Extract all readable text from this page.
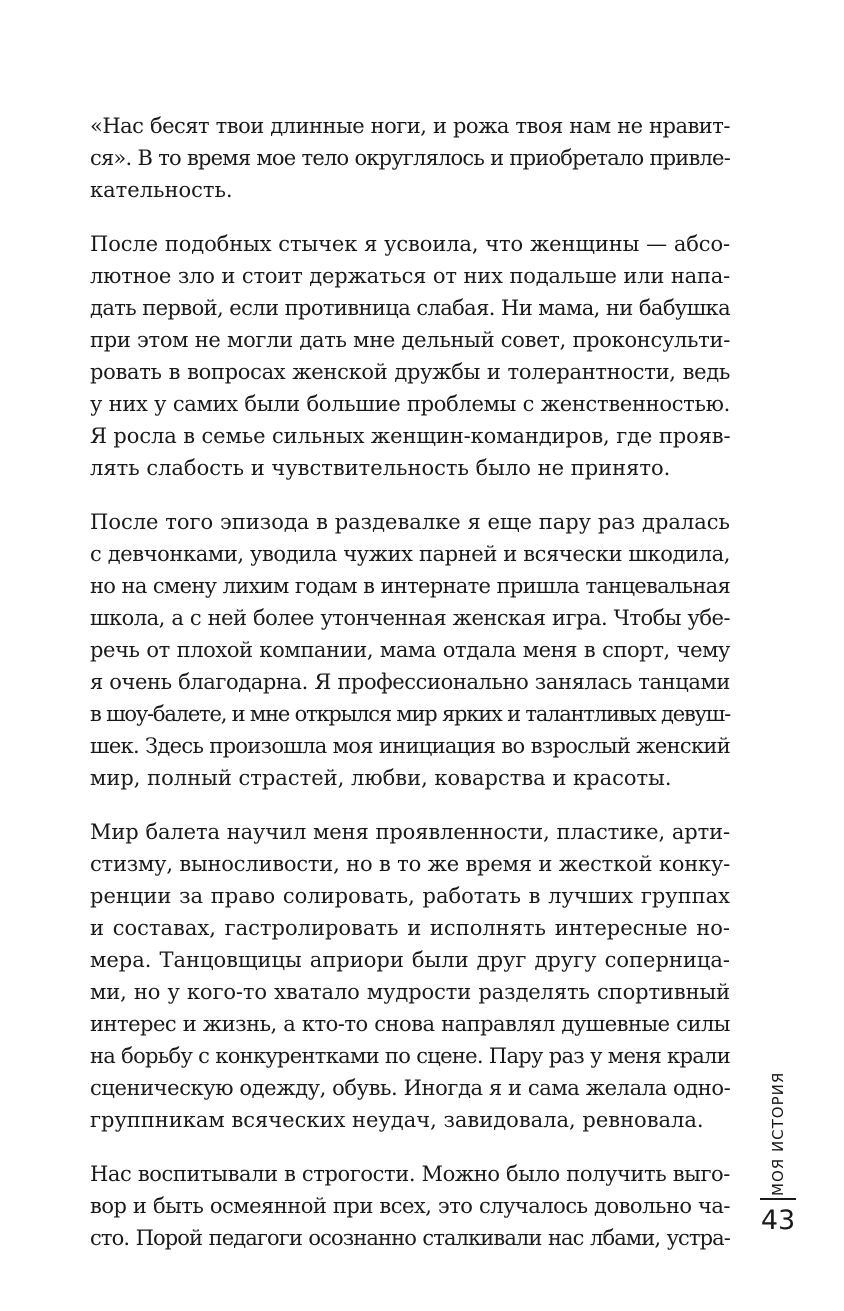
«Нас бесят твои длинные ноги, и рожа твоя нам не нравит-
ся». В то время мое тело округлялось и приобретало привле-
кательность.

После подобных стычек я усвоила, что женщины — абсо-
лютное зло и стоит держаться от них подальше или напа-
дать первой, если противница слабая. Ни мама, ни бабушка
при этом не могли дать мне дельный совет, проконсульти-
ровать в вопросах женской дружбы и толерантности, ведь
у них у самих были большие проблемы с женственностью.
Я росла в семье сильных женщин-командиров, где прояв-
лять слабость и чувствительность было не принято.

После того эпизода в раздевалке я еще пару раз дралась
с девчонками, уводила чужих парней и всячески шкодила,
но на смену лихим годам в интернате пришла танцевальная
школа, а с ней более утонченная женская игра. Чтобы убе-
речь от плохой компании, мама отдала меня в спорт, чему
я очень благодарна. Я профессионально занялась танцами
в шоу-балете, и мне открылся мир ярких и талантливых девуш-
шек. Здесь произошла моя инициация во взрослый женский
мир, полный страстей, любви, коварства и красоты.

Мир балета научил меня проявленности, пластике, арти-
стизму, выносливости, но в то же время и жесткой конку-
ренции за право солировать, работать в лучших группах
и составах, гастролировать и исполнять интересные но-
мера. Танцовщицы априори были друг другу соперница-
ми, но у кого-то хватало мудрости разделять спортивный
интерес и жизнь, а кто-то снова направлял душевные силы
на борьбу с конкурентками по сцене. Пару раз у меня крали
сценическую одежду, обувь. Иногда я и сама желала одно-
группникам всяческих неудач, завидовала, ревновала.

Нас воспитывали в строгости. Можно было получить выго-
вор и быть осмеянной при всех, это случалось довольно ча-
сто. Порой педагоги осознанно сталкивали нас лбами, устра-

МОЯ ИСТОРИЯ
43
